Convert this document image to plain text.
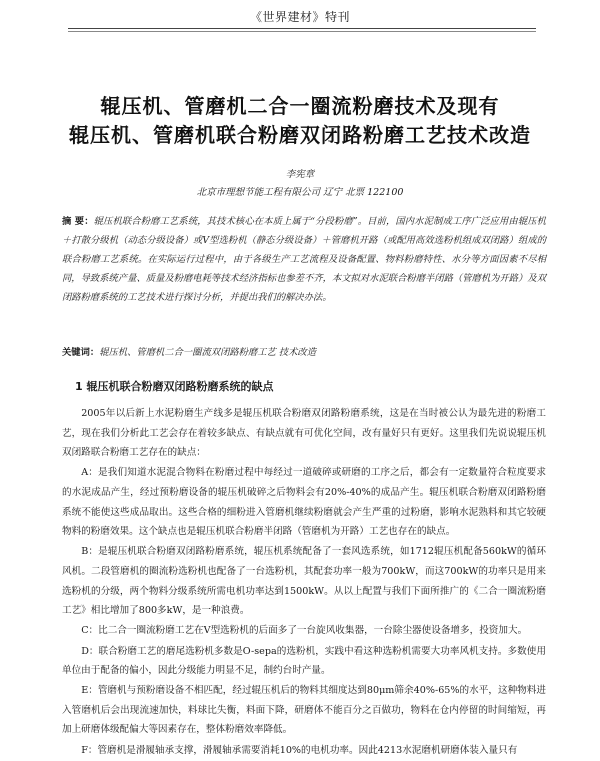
《世界建材》特刊
辊压机、管磨机二合一圈流粉磨技术及现有
辊压机、管磨机联合粉磨双闭路粉磨工艺技术改造
李宪章
北京市理想节能工程有限公司 辽宁 北票 122100
摘 要：辊压机联合粉磨工艺系统，其技术核心在本质上属于“分段粉磨”。目前，国内水泥制成工序广泛应用由辊压机＋打散分级机（动态分级设备）或V型选粉机（静态分级设备）＋管磨机开路（或配用高效选粉机组成双闭路）组成的联合粉磨工艺系统。在实际运行过程中，由于各级生产工艺流程及设备配置、物料粉磨特性、水分等方面因素不尽相同，导致系统产量、质量及粉磨电耗等技术经济指标也参差不齐，本文拟对水泥联合粉磨半闭路（管磨机为开路）及双闭路粉磨系统的工艺技术进行探讨分析，并提出我们的解决办法。
关键词：辊压机、管磨机二合一圈流双闭路粉磨工艺 技术改造
1 辊压机联合粉磨双闭路粉磨系统的缺点

2005年以后新上水泥粉磨生产线多是辊压机联合粉磨双闭路粉磨系统，这是在当时被公认为最先进的粉磨工艺，现在我们分析此工艺会存在着较多缺点、有缺点就有可优化空间，改有量好只有更好。这里我们先说说辊压机双闭路联合粉磨工艺存在的缺点：

A：是我们知道水泥混合物料在粉磨过程中每经过一道破碎或研磨的工序之后，都会有一定数量符合粒度要求的水泥成品产生，经过预粉磨设备的辊压机破碎之后物料会有20%-40%的成品产生。辊压机联合粉磨双闭路粉磨系统不能使这些成品取出。这些合格的细粉进入管磨机继续粉磨就会产生严重的过粉磨，影响水泥熟料和其它较硬物料的粉磨效果。这个缺点也是辊压机联合粉磨半闭路（管磨机为开路）工艺也存在的缺点。

B：是辊压机联合粉磨双闭路粉磨系统，辊压机系统配备了一套风选系统，如1712辊压机配备560kW的循环风机。二段管磨机的圈流粉选粉机也配备了一台选粉机，其配套功率一般为700kW，而这700kW的功率只是用来选粉机的分级，两个物料分级系统所需电机功率达到1500kW。从以上配置与我们下面所推广的《二合一圈流粉磨工艺》相比增加了800多kW，是一种浪费。

C：比二合一圈流粉磨工艺在V型选粉机的后面多了一台旋风收集器，一台除尘器使设备增多，投资加大。

D：联合粉磨工艺的磨尾选粉机多数是O-sepa的选粉机，实践中看这种选粉机需要大功率风机支持。多数使用单位由于配备的偏小，因此分级能力明显不足，制约台时产量。

E：管磨机与预粉磨设备不相匹配，经过辊压机后的物料其细度达到80μm筛余40%-65%的水平，这种物料进入管磨机后会出现流速加快，料球比失衡，料面下降，研磨体不能百分之百做功，物料在仓内停留的时间缩短，再加上研磨体级配偏大等因素存在，整体粉磨效率降低。

F：管磨机是滑履轴承支撑，滑履轴承需要消耗10%的电机功率。因此4213水泥磨机研磨体装入量只有
